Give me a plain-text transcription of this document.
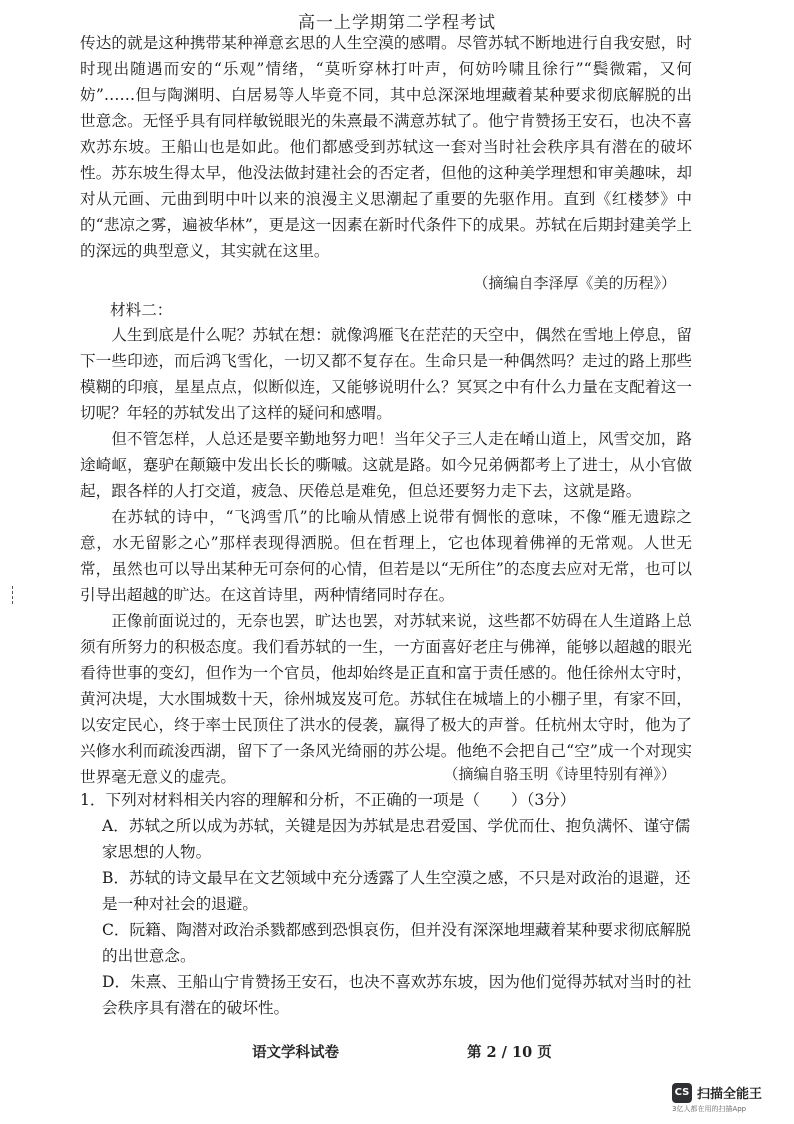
高一上学期第二学程考试

传达的就是这种携带某种禅意玄思的人生空漠的感喟。尽管苏轼不断地进行自我安慰，时时现出随遇而安的“乐观”情绪，“莫听穿林打叶声，何妨吟啸且徐行”“鬓微霜，又何妨”……但与陶渊明、白居易等人毕竟不同，其中总深深地埋藏着某种要求彻底解脱的出世意念。无怪乎具有同样敏锐眼光的朱熹最不满意苏轼了。他宁肯赞扬王安石，也决不喜欢苏东坡。王船山也是如此。他们都感受到苏轼这一套对当时社会秩序具有潜在的破坏性。苏东坡生得太早，他没法做封建社会的否定者，但他的这种美学理想和审美趣味，却对从元画、元曲到明中叶以来的浪漫主义思潮起了重要的先驱作用。直到《红楼梦》中的“悲凉之雾，遍被华林”，更是这一因素在新时代条件下的成果。苏轼在后期封建美学上的深远的典型意义，其实就在这里。

（摘编自李泽厚《美的历程》）
材料二：

人生到底是什么呢？苏轼在想：就像鸿雁飞在茫茫的天空中，偶然在雪地上停息，留下一些印迹，而后鸿飞雪化，一切又都不复存在。生命只是一种偶然吗？走过的路上那些模糊的印痕，星星点点，似断似连，又能够说明什么？冥冥之中有什么力量在支配着这一切呢？年轻的苏轼发出了这样的疑问和感喟。

但不管怎样，人总还是要辛勤地努力吧！当年父子三人走在崤山道上，风雪交加，路途崎岖，蹇驴在颠簸中发出长长的嘶嘁。这就是路。如今兄弟俩都考上了进士，从小官做起，跟各样的人打交道，疲急、厌倦总是难免，但总还要努力走下去，这就是路。

在苏轼的诗中，“飞鸿雪爪”的比喻从情感上说带有惆怅的意味，不像“雁无遗踪之意，水无留影之心”那样表现得洒脱。但在哲理上，它也体现着佛禅的无常观。人世无常，虽然也可以导出某种无可奈何的心情，但若是以“无所住”的态度去应对无常，也可以引导出超越的旷达。在这首诗里，两种情绪同时存在。

正像前面说过的，无奈也罢，旷达也罢，对苏轼来说，这些都不妨碍在人生道路上总须有所努力的积极态度。我们看苏轼的一生，一方面喜好老庄与佛禅，能够以超越的眼光看待世事的变幻，但作为一个官员，他却始终是正直和富于责任感的。他任徐州太守时，黄河决堤，大水围城数十天，徐州城岌岌可危。苏轼住在城墙上的小棚子里，有家不回，以安定民心，终于率士民顶住了洪水的侵袭，赢得了极大的声誉。任杭州太守时，他为了兴修水利而疏浚西湖，留下了一条风光绮丽的苏公堤。他绝不会把自己“空”成一个对现实世界毫无意义的虚壳。	（摘编自骆玉明《诗里特别有禅》）

1．下列对材料相关内容的理解和分析，不正确的一项是（　　）（3分）

A．苏轼之所以成为苏轼，关键是因为苏轼是忠君爱国、学优而仕、抱负满怀、谨守儒家思想的人物。

B．苏轼的诗文最早在文艺领域中充分透露了人生空漠之感，不只是对政治的退避，还是一种对社会的退避。

C．阮籍、陶潜对政治杀戮都感到恐惧哀伤，但并没有深深地埋藏着某种要求彻底解脱的出世意念。

D．朱熹、王船山宁肯赞扬王安石，也决不喜欢苏东坡，因为他们觉得苏轼对当时的社会秩序具有潜在的破坏性。

语文学科试卷	第 2 / 10 页
CS 扫描全能王
3亿人都在用的扫描App
